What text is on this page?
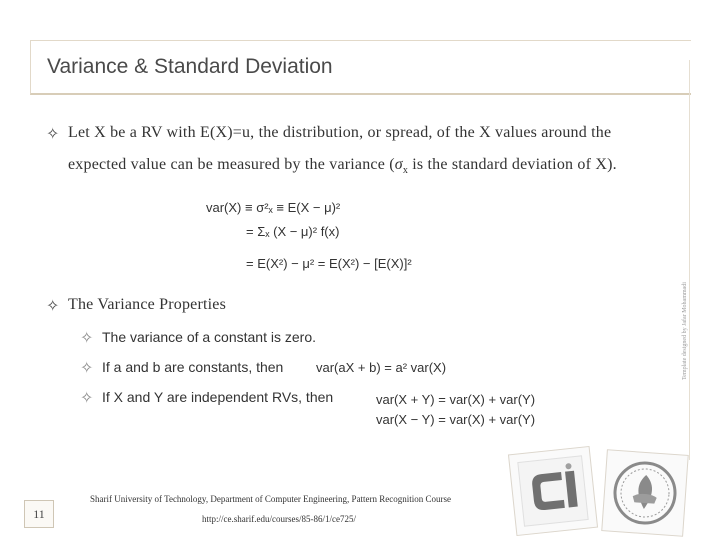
Variance & Standard Deviation
Template designed by Jafar Mohammadi
✧ Let X be a RV with E(X)=u, the distribution, or spread, of the X values around the
expected value can be measured by the variance ($\sigma_x$ is the standard deviation of X).
var(X) ≡ σ²ₓ ≡ E(X − μ)²
= Σₓ (X − μ)² f(x)
= E(X²) − μ² = E(X²) − [E(X)]²
✧ The Variance Properties
✧ The variance of a constant is zero.
✧ If a and b are constants, then	var(aX + b) = a² var(X)
✧ If X and Y are independent RVs, then	var(X + Y) = var(X) + var(Y)
var(X − Y) = var(X) + var(Y)
Sharif University of Technology, Department of Computer Engineering, Pattern Recognition Course
http://ce.sharif.edu/courses/85-86/1/ce725/
11
